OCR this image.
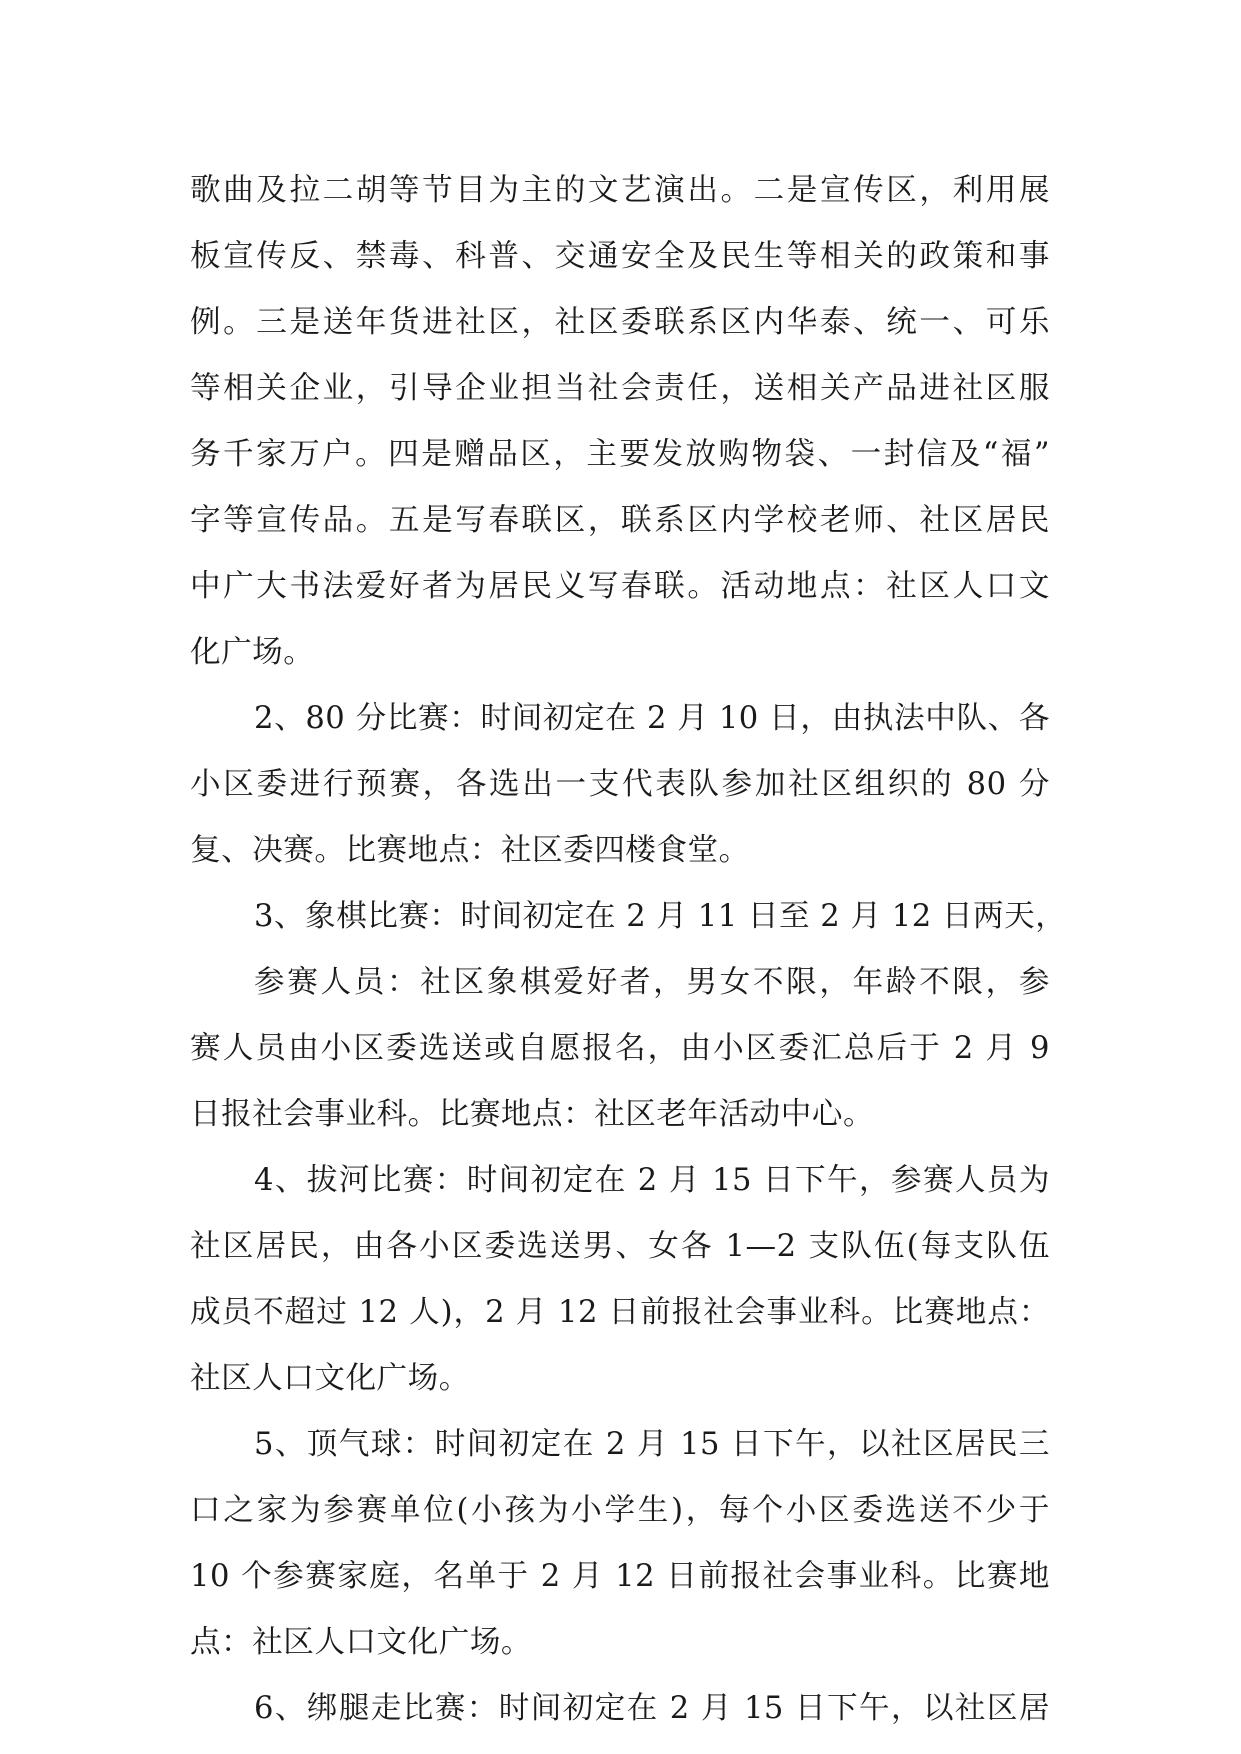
歌曲及拉二胡等节目为主的文艺演出。二是宣传区，利用展
板宣传反、禁毒、科普、交通安全及民生等相关的政策和事
例。三是送年货进社区，社区委联系区内华泰、统一、可乐
等相关企业，引导企业担当社会责任，送相关产品进社区服
务千家万户。四是赠品区，主要发放购物袋、一封信及“福”
字等宣传品。五是写春联区，联系区内学校老师、社区居民
中广大书法爱好者为居民义写春联。活动地点：社区人口文
化广场。
2、80 分比赛：时间初定在 2 月 10 日，由执法中队、各
小区委进行预赛，各选出一支代表队参加社区组织的 80 分
复、决赛。比赛地点：社区委四楼食堂。
3、象棋比赛：时间初定在 2 月 11 日至 2 月 12 日两天，
参赛人员：社区象棋爱好者，男女不限，年龄不限，参
赛人员由小区委选送或自愿报名，由小区委汇总后于 2 月 9
日报社会事业科。比赛地点：社区老年活动中心。
4、拔河比赛：时间初定在 2 月 15 日下午，参赛人员为
社区居民，由各小区委选送男、女各 1—2 支队伍(每支队伍
成员不超过 12 人)，2 月 12 日前报社会事业科。比赛地点：
社区人口文化广场。
5、顶气球：时间初定在 2 月 15 日下午，以社区居民三
口之家为参赛单位(小孩为小学生)，每个小区委选送不少于
10 个参赛家庭，名单于 2 月 12 日前报社会事业科。比赛地
点：社区人口文化广场。
6、绑腿走比赛：时间初定在 2 月 15 日下午，以社区居
